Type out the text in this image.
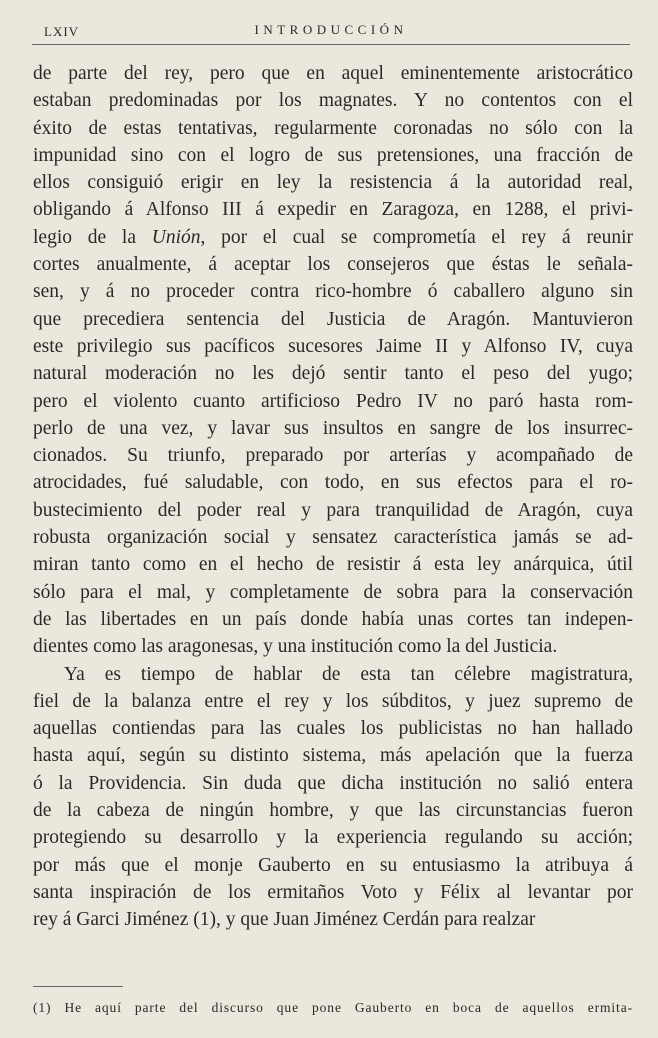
LXIV	INTRODUCCIÓN
de parte del rey, pero que en aquel eminentemente aristocrático
estaban predominadas por los magnates. Y no contentos con el
éxito de estas tentativas, regularmente coronadas no sólo con la
impunidad sino con el logro de sus pretensiones, una fracción de
ellos consiguió erigir en ley la resistencia á la autoridad real,
obligando á Alfonso III á expedir en Zaragoza, en 1288, el privi-
legio de la Unión, por el cual se comprometía el rey á reunir
cortes anualmente, á aceptar los consejeros que éstas le señala-
sen, y á no proceder contra rico-hombre ó caballero alguno sin
que precediera sentencia del Justicia de Aragón. Mantuvieron
este privilegio sus pacíficos sucesores Jaime II y Alfonso IV, cuya
natural moderación no les dejó sentir tanto el peso del yugo;
pero el violento cuanto artificioso Pedro IV no paró hasta rom-
perlo de una vez, y lavar sus insultos en sangre de los insurrec-
cionados. Su triunfo, preparado por arterías y acompañado de
atrocidades, fué saludable, con todo, en sus efectos para el ro-
bustecimiento del poder real y para tranquilidad de Aragón, cuya
robusta organización social y sensatez característica jamás se ad-
miran tanto como en el hecho de resistir á esta ley anárquica, útil
sólo para el mal, y completamente de sobra para la conservación
de las libertades en un país donde había unas cortes tan indepen-
dientes como las aragonesas, y una institución como la del Justicia.
Ya es tiempo de hablar de esta tan célebre magistratura,
fiel de la balanza entre el rey y los súbditos, y juez supremo de
aquellas contiendas para las cuales los publicistas no han hallado
hasta aquí, según su distinto sistema, más apelación que la fuerza
ó la Providencia. Sin duda que dicha institución no salió entera
de la cabeza de ningún hombre, y que las circunstancias fueron
protegiendo su desarrollo y la experiencia regulando su acción;
por más que el monje Gauberto en su entusiasmo la atribuya á
santa inspiración de los ermitaños Voto y Félix al levantar por
rey á Garci Jiménez (1), y que Juan Jiménez Cerdán para realzar
(1) He aquí parte del discurso que pone Gauberto en boca de aquellos ermita-
